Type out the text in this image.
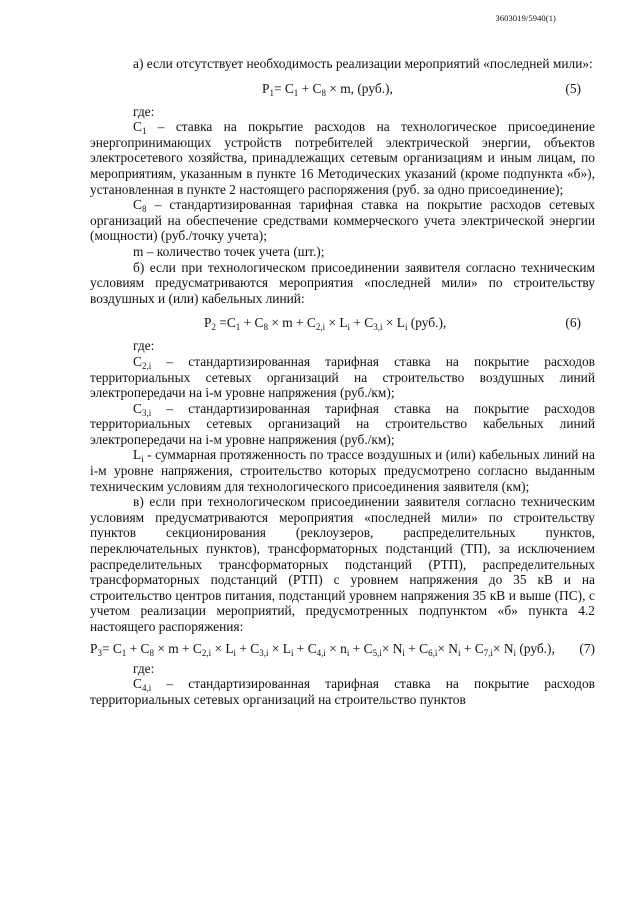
3603019/5940(1)

а) если отсутствует необходимость реализации мероприятий «последней мили»:

$P_1= C_1 + C_8 \times m$, (руб.),	(5)

где:

$C_1$ – ставка на покрытие расходов на технологическое присоединение энергопринимающих устройств потребителей электрической энергии, объектов электросетевого хозяйства, принадлежащих сетевым организациям и иным лицам, по мероприятиям, указанным в пункте 16 Методических указаний (кроме подпункта «б»), установленная в пункте 2 настоящего распоряжения (руб. за одно присоединение);

$C_8$ – стандартизированная тарифная ставка на покрытие расходов сетевых организаций на обеспечение средствами коммерческого учета электрической энергии (мощности) (руб./точку учета);

m – количество точек учета (шт.);

б) если при технологическом присоединении заявителя согласно техническим условиям предусматриваются мероприятия «последней мили» по строительству воздушных и (или) кабельных линий:

$P_2 =C_1 + C_8 \times m + C_{2,i} \times L_i + C_{3,i} \times L_i$ (руб.),	(6)

где:

$C_{2,i}$ – стандартизированная тарифная ставка на покрытие расходов территориальных сетевых организаций на строительство воздушных линий электропередачи на i-м уровне напряжения (руб./км);

$C_{3,i}$ – стандартизированная тарифная ставка на покрытие расходов территориальных сетевых организаций на строительство кабельных линий электропередачи на i-м уровне напряжения (руб./км);

$L_i$ - суммарная протяженность по трассе воздушных и (или) кабельных линий на i-м уровне напряжения, строительство которых предусмотрено согласно выданным техническим условиям для технологического присоединения заявителя (км);

в) если при технологическом присоединении заявителя согласно техническим условиям предусматриваются мероприятия «последней мили» по строительству пунктов секционирования (реклоузеров, распределительных пунктов, переключательных пунктов), трансформаторных подстанций (ТП), за исключением распределительных трансформаторных подстанций (РТП), распределительных трансформаторных подстанций (РТП) с уровнем напряжения до 35 кВ и на строительство центров питания, подстанций уровнем напряжения 35 кВ и выше (ПС), с учетом реализации мероприятий, предусмотренных подпунктом «б» пункта 4.2 настоящего распоряжения:

$P_3= C_1 + C_8 \times m + C_{2,i} \times L_i + C_{3,i} \times L_i + C_{4,i} \times n_i + C_{5,i}\times N_i + C_{6,i}\times N_i + C_{7,i}\times N_i$ (руб.), (7)

где:

$C_{4,i}$ – стандартизированная тарифная ставка на покрытие расходов территориальных сетевых организаций на строительство пунктов
